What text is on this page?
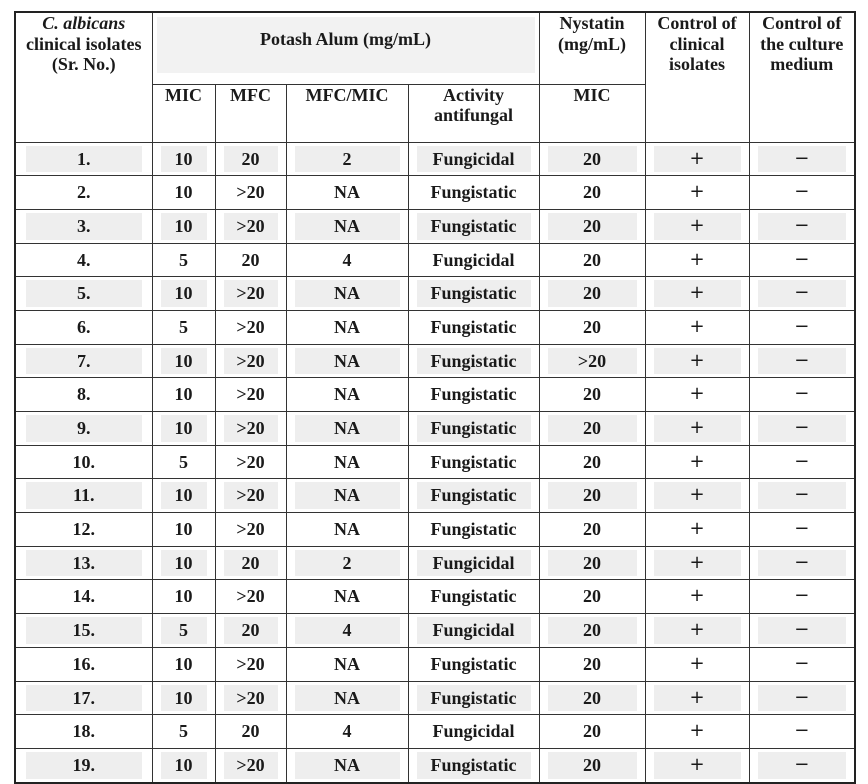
C. albicans
clinical isolates (Sr. No.)	Potash Alum (mg/mL)				Nystatin (mg/mL)	Control of clinical isolates	Control of the culture medium
	MIC	MFC	MFC/MIC	Activity antifungal	MIC		

1.	10	20	2	Fungicidal	20	+	−

2.	10	>20	NA	Fungistatic	20	+	−

3.	10	>20	NA	Fungistatic	20	+	−

4.	5	20	4	Fungicidal	20	+	−

5.	10	>20	NA	Fungistatic	20	+	−

6.	5	>20	NA	Fungistatic	20	+	−

7.	10	>20	NA	Fungistatic	>20	+	−

8.	10	>20	NA	Fungistatic	20	+	−

9.	10	>20	NA	Fungistatic	20	+	−

10.	5	>20	NA	Fungistatic	20	+	−

11.	10	>20	NA	Fungistatic	20	+	−

12.	10	>20	NA	Fungistatic	20	+	−

13.	10	20	2	Fungicidal	20	+	−

14.	10	>20	NA	Fungistatic	20	+	−

15.	5	20	4	Fungicidal	20	+	−

16.	10	>20	NA	Fungistatic	20	+	−

17.	10	>20	NA	Fungistatic	20	+	−

18.	5	20	4	Fungicidal	20	+	−

19.	10	>20	NA	Fungistatic	20	+	−
